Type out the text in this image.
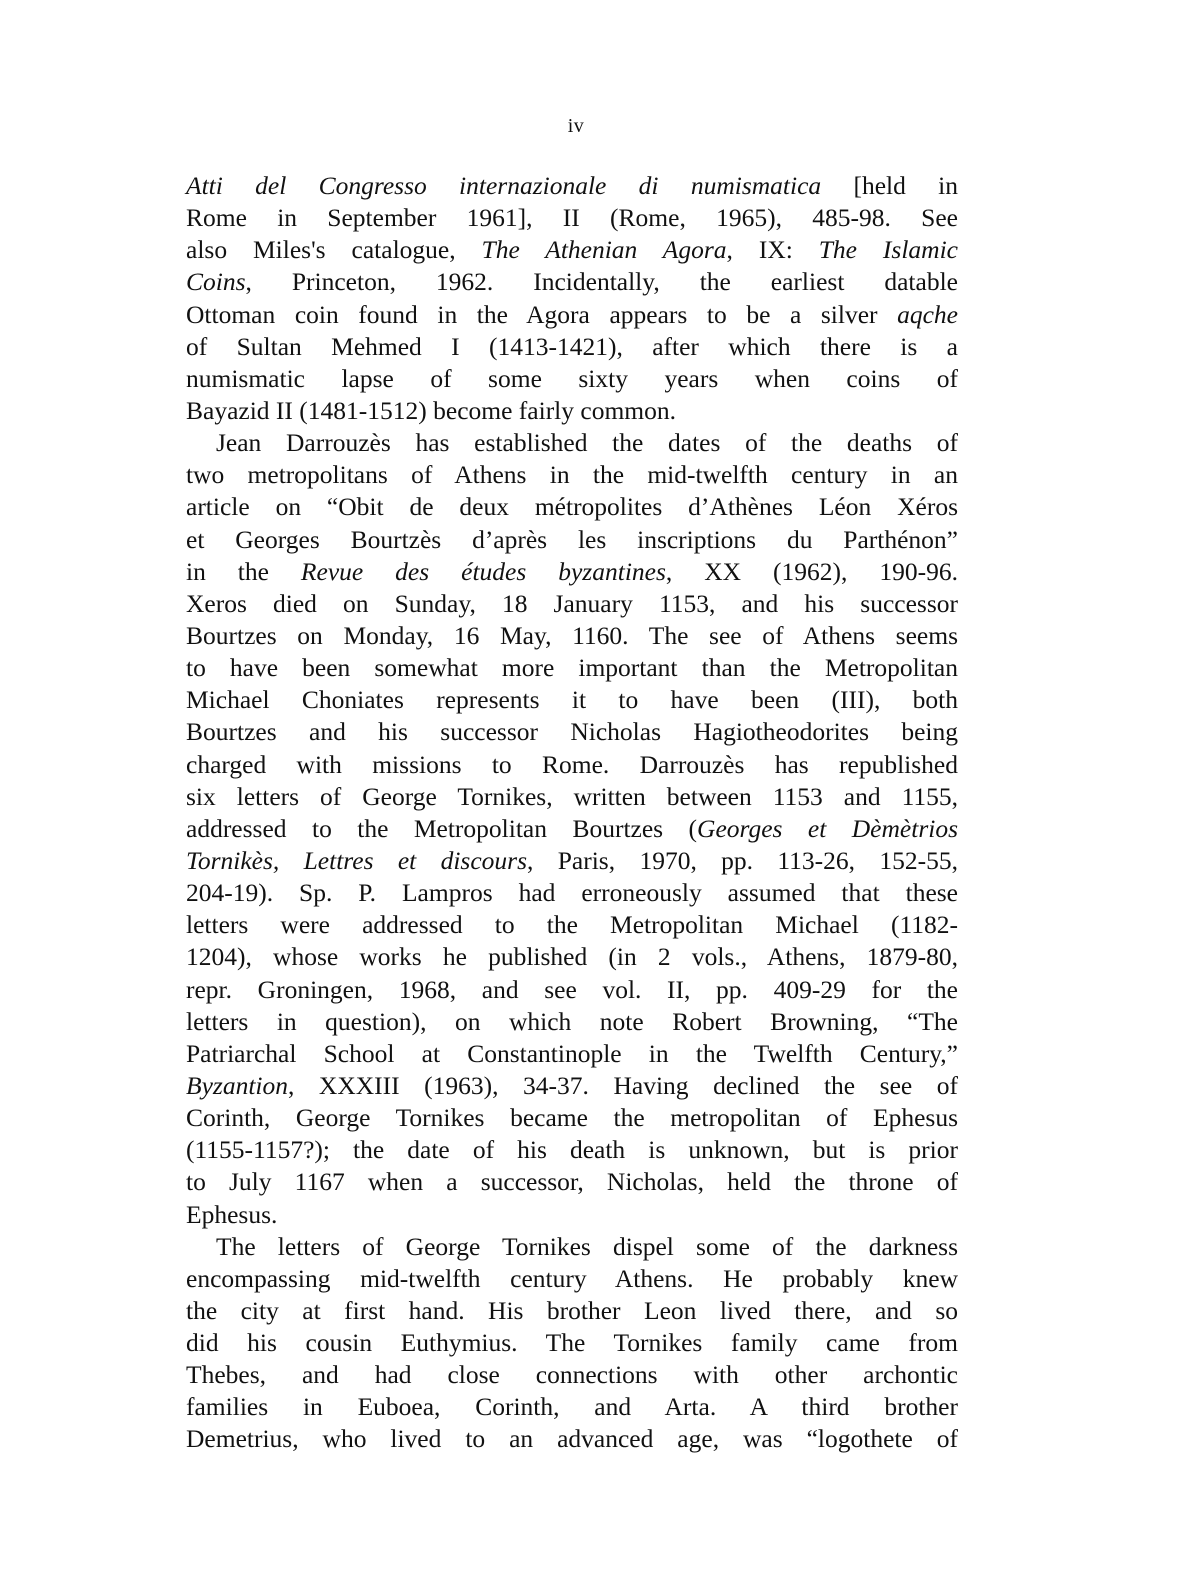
iv
Atti del Congresso internazionale di numismatica [held in
Rome in September 1961], II (Rome, 1965), 485-98. See
also Miles's catalogue, The Athenian Agora, IX: The Islamic
Coins, Princeton, 1962. Incidentally, the earliest datable
Ottoman coin found in the Agora appears to be a silver aqche
of Sultan Mehmed I (1413-1421), after which there is a
numismatic lapse of some sixty years when coins of
Bayazid II (1481-1512) become fairly common.
Jean Darrouzès has established the dates of the deaths of
two metropolitans of Athens in the mid-twelfth century in an
article on “Obit de deux métropolites d’Athènes Léon Xéros
et Georges Bourtzès d’après les inscriptions du Parthénon”
in the Revue des études byzantines, XX (1962), 190-96.
Xeros died on Sunday, 18 January 1153, and his successor
Bourtzes on Monday, 16 May, 1160. The see of Athens seems
to have been somewhat more important than the Metropolitan
Michael Choniates represents it to have been (III), both
Bourtzes and his successor Nicholas Hagiotheodorites being
charged with missions to Rome. Darrouzès has republished
six letters of George Tornikes, written between 1153 and 1155,
addressed to the Metropolitan Bourtzes (Georges et Dèmètrios
Tornikès, Lettres et discours, Paris, 1970, pp. 113-26, 152-55,
204-19). Sp. P. Lampros had erroneously assumed that these
letters were addressed to the Metropolitan Michael (1182-
1204), whose works he published (in 2 vols., Athens, 1879-80,
repr. Groningen, 1968, and see vol. II, pp. 409-29 for the
letters in question), on which note Robert Browning, “The
Patriarchal School at Constantinople in the Twelfth Century,”
Byzantion, XXXIII (1963), 34-37. Having declined the see of
Corinth, George Tornikes became the metropolitan of Ephesus
(1155-1157?); the date of his death is unknown, but is prior
to July 1167 when a successor, Nicholas, held the throne of
Ephesus.
The letters of George Tornikes dispel some of the darkness
encompassing mid-twelfth century Athens. He probably knew
the city at first hand. His brother Leon lived there, and so
did his cousin Euthymius. The Tornikes family came from
Thebes, and had close connections with other archontic
families in Euboea, Corinth, and Arta. A third brother
Demetrius, who lived to an advanced age, was “logothete of
